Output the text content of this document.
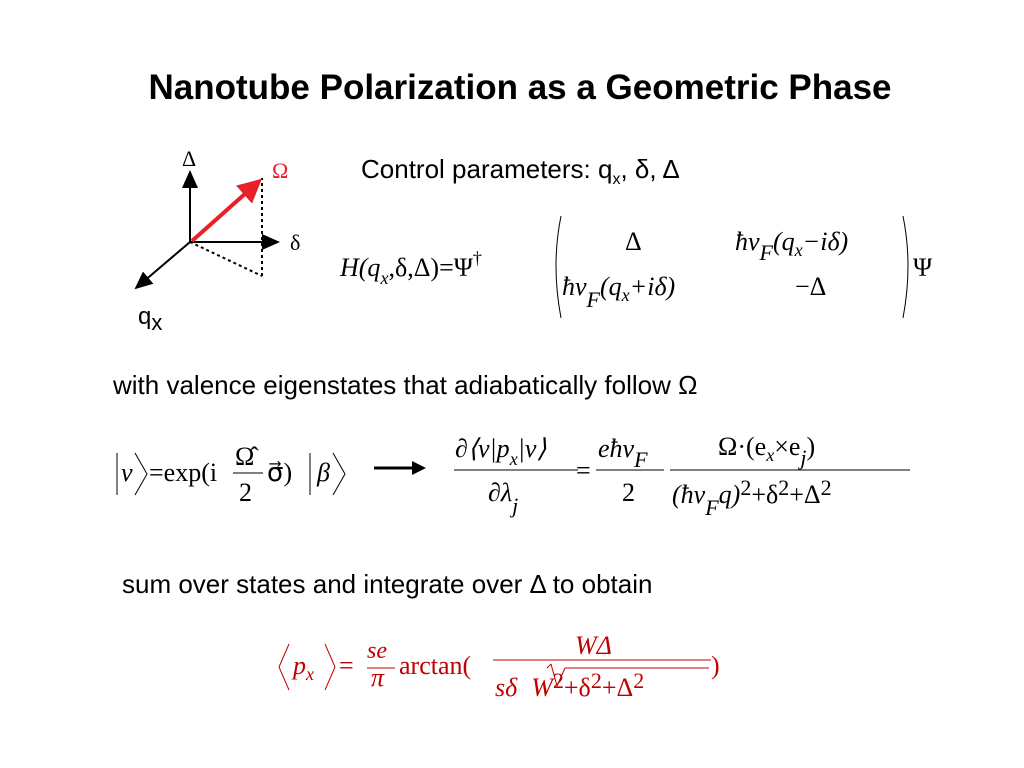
Nanotube Polarization as a Geometric Phase
Δ	Ω
δ
qx
Control parameters: $q_x$, δ, Δ
$H(q_x,\delta,\Delta)=\Psi^\dagger$
Δ	$ħv_F(q_x-i\delta)$
$ħv_F(q_x+i\delta)$	−Δ
Ψ
with valence eigenstates that adiabatically follow Ω
v =exp(i
Ω̂
2
σ⃗) β
$\partial⟨v|p_x|v⟩$
$\partial\lambda_j$
=
eħv$_F$
2
$\Omega\cdot(e_x\times e_j)$
$(ħv_Fq)^2+\delta^2+\Delta^2$
sum over states and integrate over Δ to obtain
$p_x$ = se
π arctan(
WΔ
sδ $W^2+\delta^2+\Delta^2$
)
